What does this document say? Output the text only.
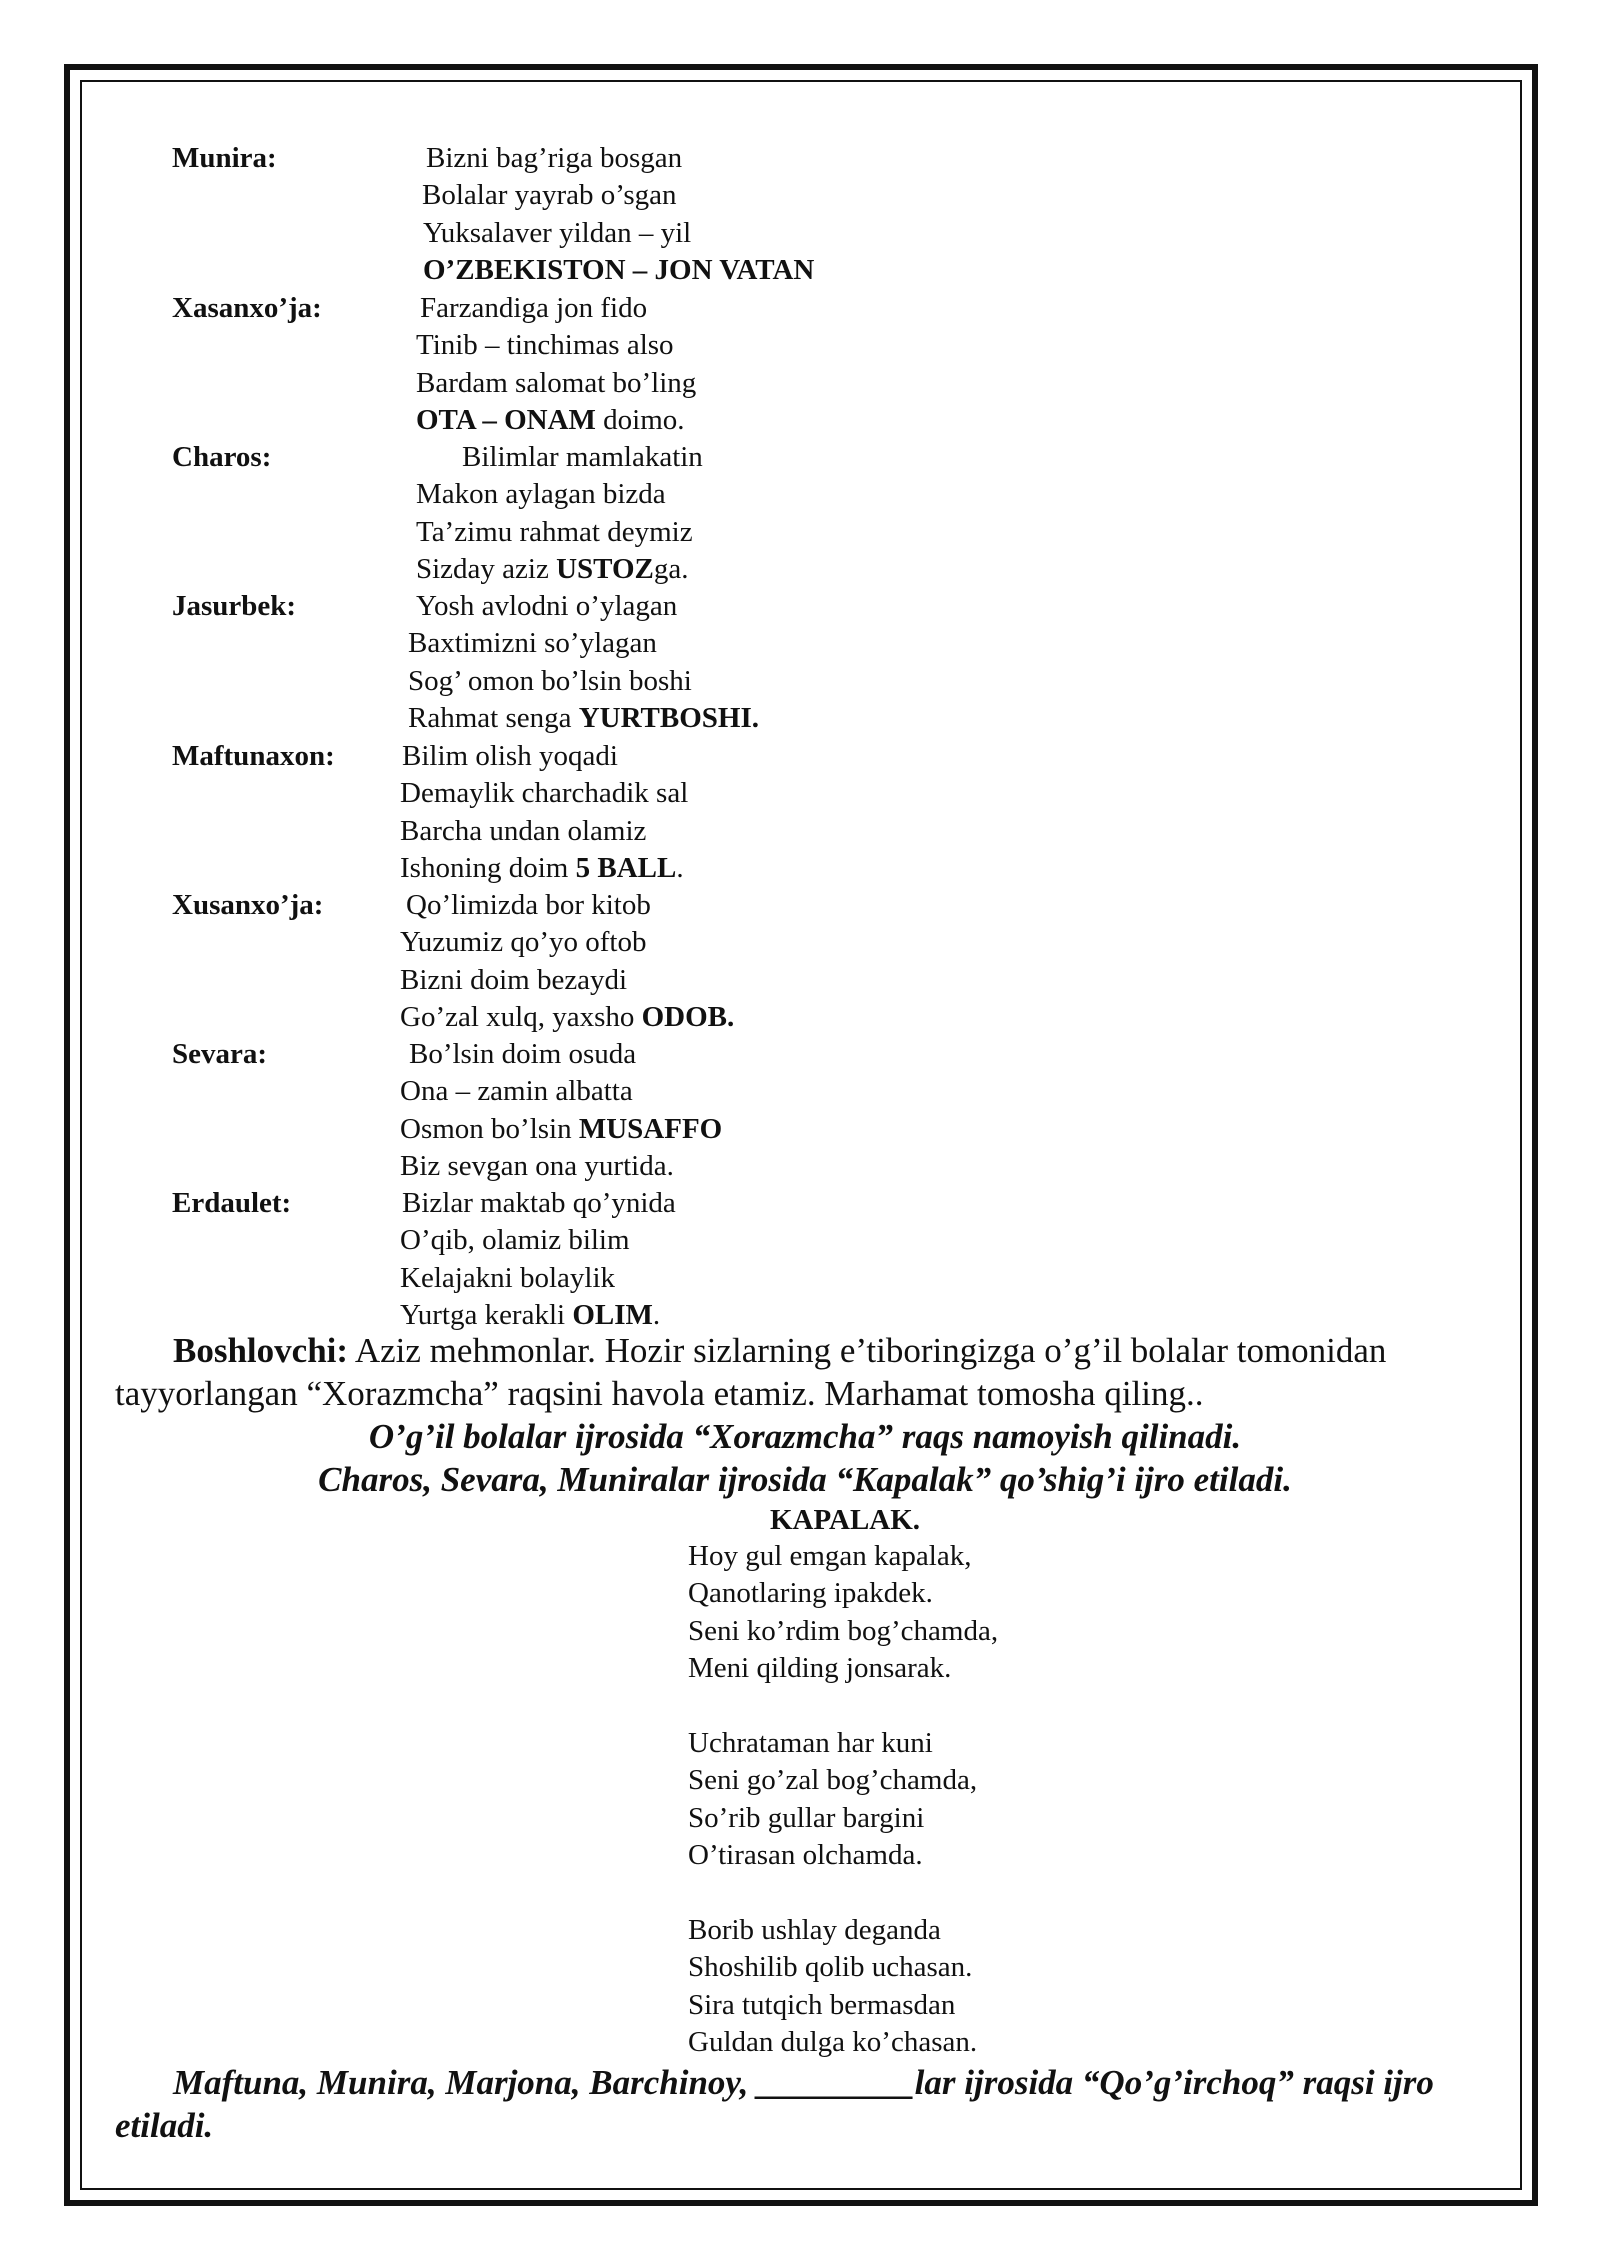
Munira:	Bizni bag’riga bosgan
Bolalar yayrab o’sgan
Yuksalaver yildan – yil
O’ZBEKISTON – JON VATAN
Xasanxo’ja:	Farzandiga jon fido
Tinib – tinchimas also
Bardam salomat bo’ling
OTA – ONAM doimo.
Charos:	Bilimlar mamlakatin
Makon aylagan bizda
Ta’zimu rahmat deymiz
Sizday aziz USTOZga.
Jasurbek:	Yosh avlodni o’ylagan
Baxtimizni so’ylagan
Sog’ omon bo’lsin boshi
Rahmat senga YURTBOSHI.
Maftunaxon: Bilim olish yoqadi
Demaylik charchadik sal
Barcha undan olamiz
Ishoning doim 5 BALL.
Xusanxo’ja:	Qo’limizda bor kitob
Yuzumiz qo’yo oftob
Bizni doim bezaydi
Go’zal xulq, yaxsho ODOB.
Sevara:	Bo’lsin doim osuda
Ona – zamin albatta
Osmon bo’lsin MUSAFFO
Biz sevgan ona yurtida.
Erdaulet:	Bizlar maktab qo’ynida
O’qib, olamiz bilim
Kelajakni bolaylik
Yurtga kerakli OLIM.
Boshlovchi: Aziz mehmonlar. Hozir sizlarning e’tiboringizga o’g’il bolalar tomonidan tayyorlangan “Xorazmcha” raqsini havola etamiz. Marhamat tomosha qiling..
O’g’il bolalar ijrosida “Xorazmcha” raqs namoyish qilinadi.
Charos, Sevara, Muniralar ijrosida “Kapalak” qo’shig’i ijro etiladi.
KAPALAK.
Hoy gul emgan kapalak,
Qanotlaring ipakdek.
Seni ko’rdim bog’chamda,
Meni qilding jonsarak.
Uchrataman har kuni
Seni go’zal bog’chamda,
So’rib gullar bargini
O’tirasan olchamda.
Borib ushlay deganda
Shoshilib qolib uchasan.
Sira tutqich bermasdan
Guldan dulga ko’chasan.
Maftuna, Munira, Marjona, Barchinoy, _________lar ijrosida “Qo’g’irchoq” raqsi ijro etiladi.
